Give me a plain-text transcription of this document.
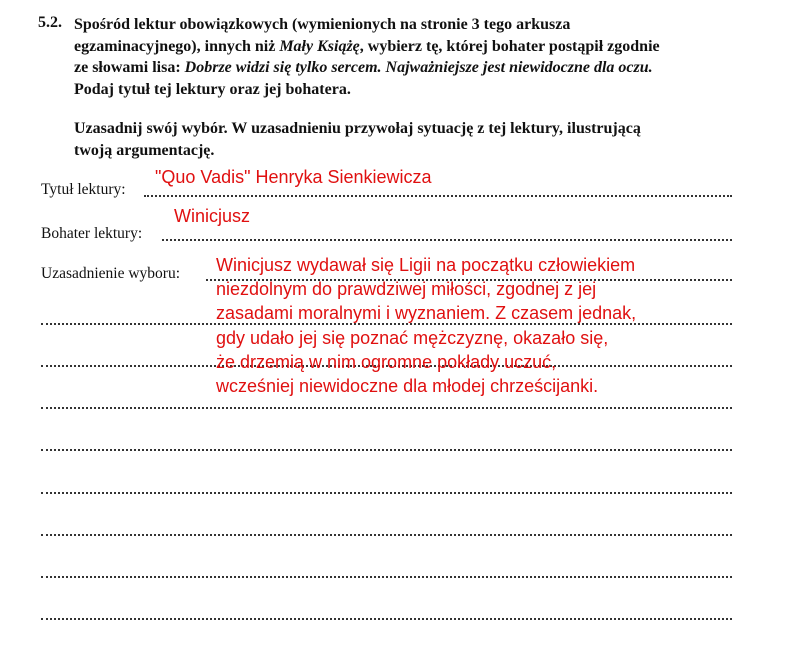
5.2. Spośród lektur obowiązkowych (wymienionych na stronie 3 tego arkusza
egzaminacyjnego), innych niż Mały Książę, wybierz tę, której bohater postąpił zgodnie
ze słowami lisa: Dobrze widzi się tylko sercem. Najważniejsze jest niewidoczne dla oczu.
Podaj tytuł tej lektury oraz jej bohatera.
Uzasadnij swój wybór. W uzasadnieniu przywołaj sytuację z tej lektury, ilustrującą
twoją argumentację.
Tytuł lektury:
"Quo Vadis" Henryka Sienkiewicza
Bohater lektury:
Winicjusz
Uzasadnienie wyboru: Winicjusz wydawał się Ligii na początku człowiekiem
niezdolnym do prawdziwej miłości, zgodnej z jej
zasadami moralnymi i wyznaniem. Z czasem jednak,
gdy udało jej się poznać mężczyznę, okazało się,
że drzemią w nim ogromne pokłady uczuć,
wcześniej niewidoczne dla młodej chrześcijanki.
